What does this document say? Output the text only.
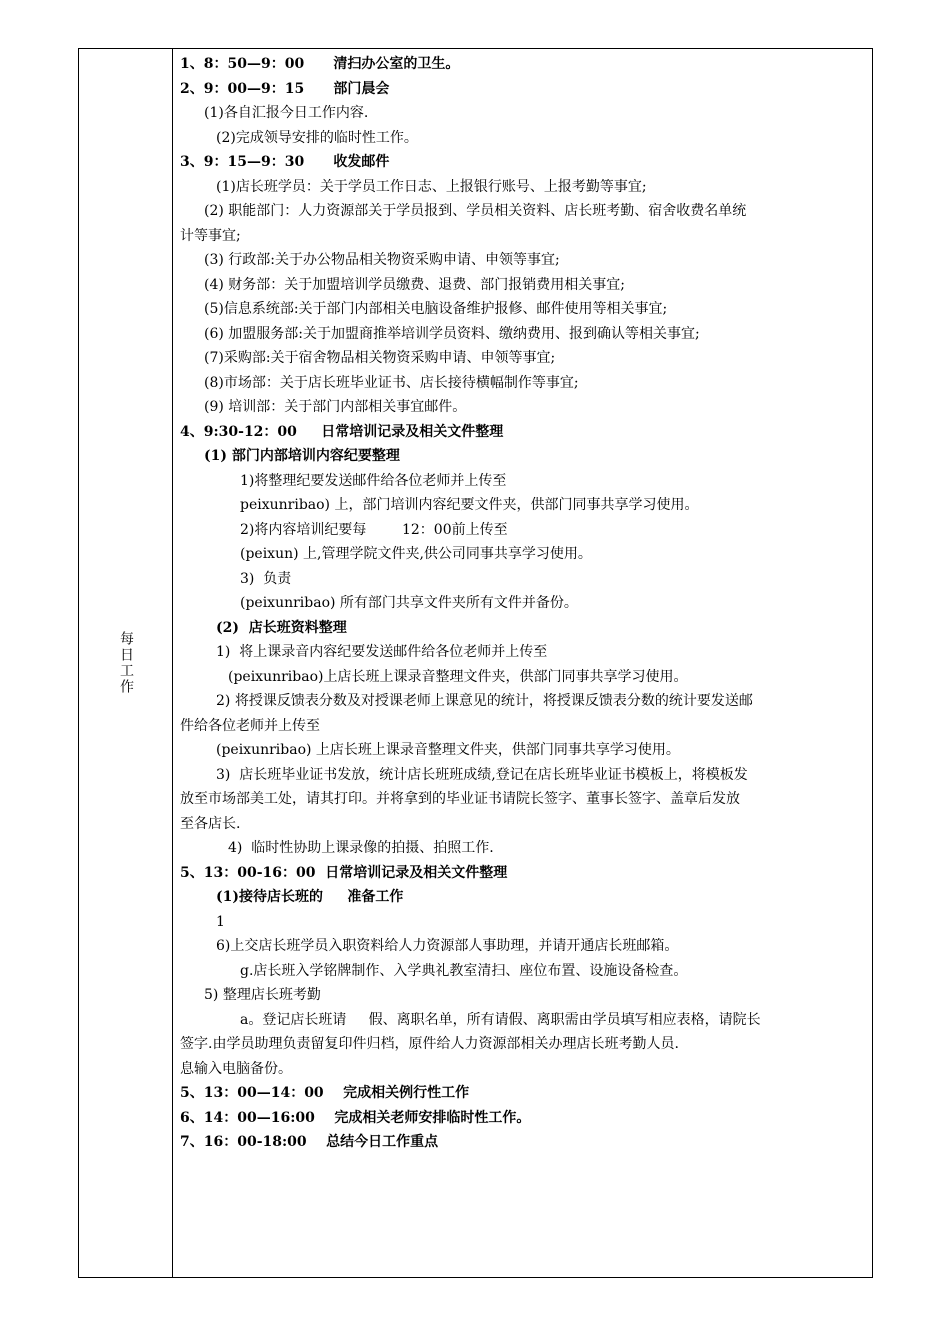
每日工作
1、8：50—9：00      清扫办公室的卫生。
2、9：00—9：15      部门晨会
(1)各自汇报今日工作内容.
(2)完成领导安排的临时性工作。
3、9：15—9：30      收发邮件
(1)店长班学员：关于学员工作日志、上报银行账号、上报考勤等事宜;
(2) 职能部门：人力资源部关于学员报到、学员相关资料、店长班考勤、宿舍收费名单统
计等事宜;
(3) 行政部:关于办公物品相关物资采购申请、申领等事宜;
(4) 财务部：关于加盟培训学员缴费、退费、部门报销费用相关事宜;
(5)信息系统部:关于部门内部相关电脑设备维护报修、邮件使用等相关事宜;
(6) 加盟服务部:关于加盟商推举培训学员资料、缴纳费用、报到确认等相关事宜;
(7)采购部:关于宿舍物品相关物资采购申请、申领等事宜;
(8)市场部：关于店长班毕业证书、店长接待横幅制作等事宜;
(9) 培训部：关于部门内部相关事宜邮件。
4、9:30-12：00     日常培训记录及相关文件整理
(1) 部门内部培训内容纪要整理
1)将整理纪要发送邮件给各位老师并上传至
peixunribao) 上，部门培训内容纪要文件夹，供部门同事共享学习使用。
2)将内容培训纪要每        12：00前上传至
(peixun) 上,管理学院文件夹,供公司同事共享学习使用。
3)  负责
(peixunribao) 所有部门共享文件夹所有文件并备份。
(2)  店长班资料整理
1)  将上课录音内容纪要发送邮件给各位老师并上传至
(peixunribao)上店长班上课录音整理文件夹，供部门同事共享学习使用。
2) 将授课反馈表分数及对授课老师上课意见的统计，将授课反馈表分数的统计要发送邮
件给各位老师并上传至
(peixunribao) 上店长班上课录音整理文件夹，供部门同事共享学习使用。
3)  店长班毕业证书发放，统计店长班班成绩,登记在店长班毕业证书模板上，将模板发
放至市场部美工处，请其打印。并将拿到的毕业证书请院长签字、董事长签字、盖章后发放
至各店长.
4)  临时性协助上课录像的拍摄、拍照工作.
5、13：00-16：00  日常培训记录及相关文件整理
(1)接待店长班的     准备工作
1
6)上交店长班学员入职资料给人力资源部人事助理，并请开通店长班邮箱。
g.店长班入学铭牌制作、入学典礼教室清扫、座位布置、设施设备检查。
5) 整理店长班考勤
a。登记店长班请     假、离职名单，所有请假、离职需由学员填写相应表格，请院长
签字.由学员助理负责留复印件归档，原件给人力资源部相关办理店长班考勤人员.
息输入电脑备份。
5、13：00—14：00    完成相关例行性工作
6、14：00—16:00    完成相关老师安排临时性工作。
7、16：00-18:00    总结今日工作重点
